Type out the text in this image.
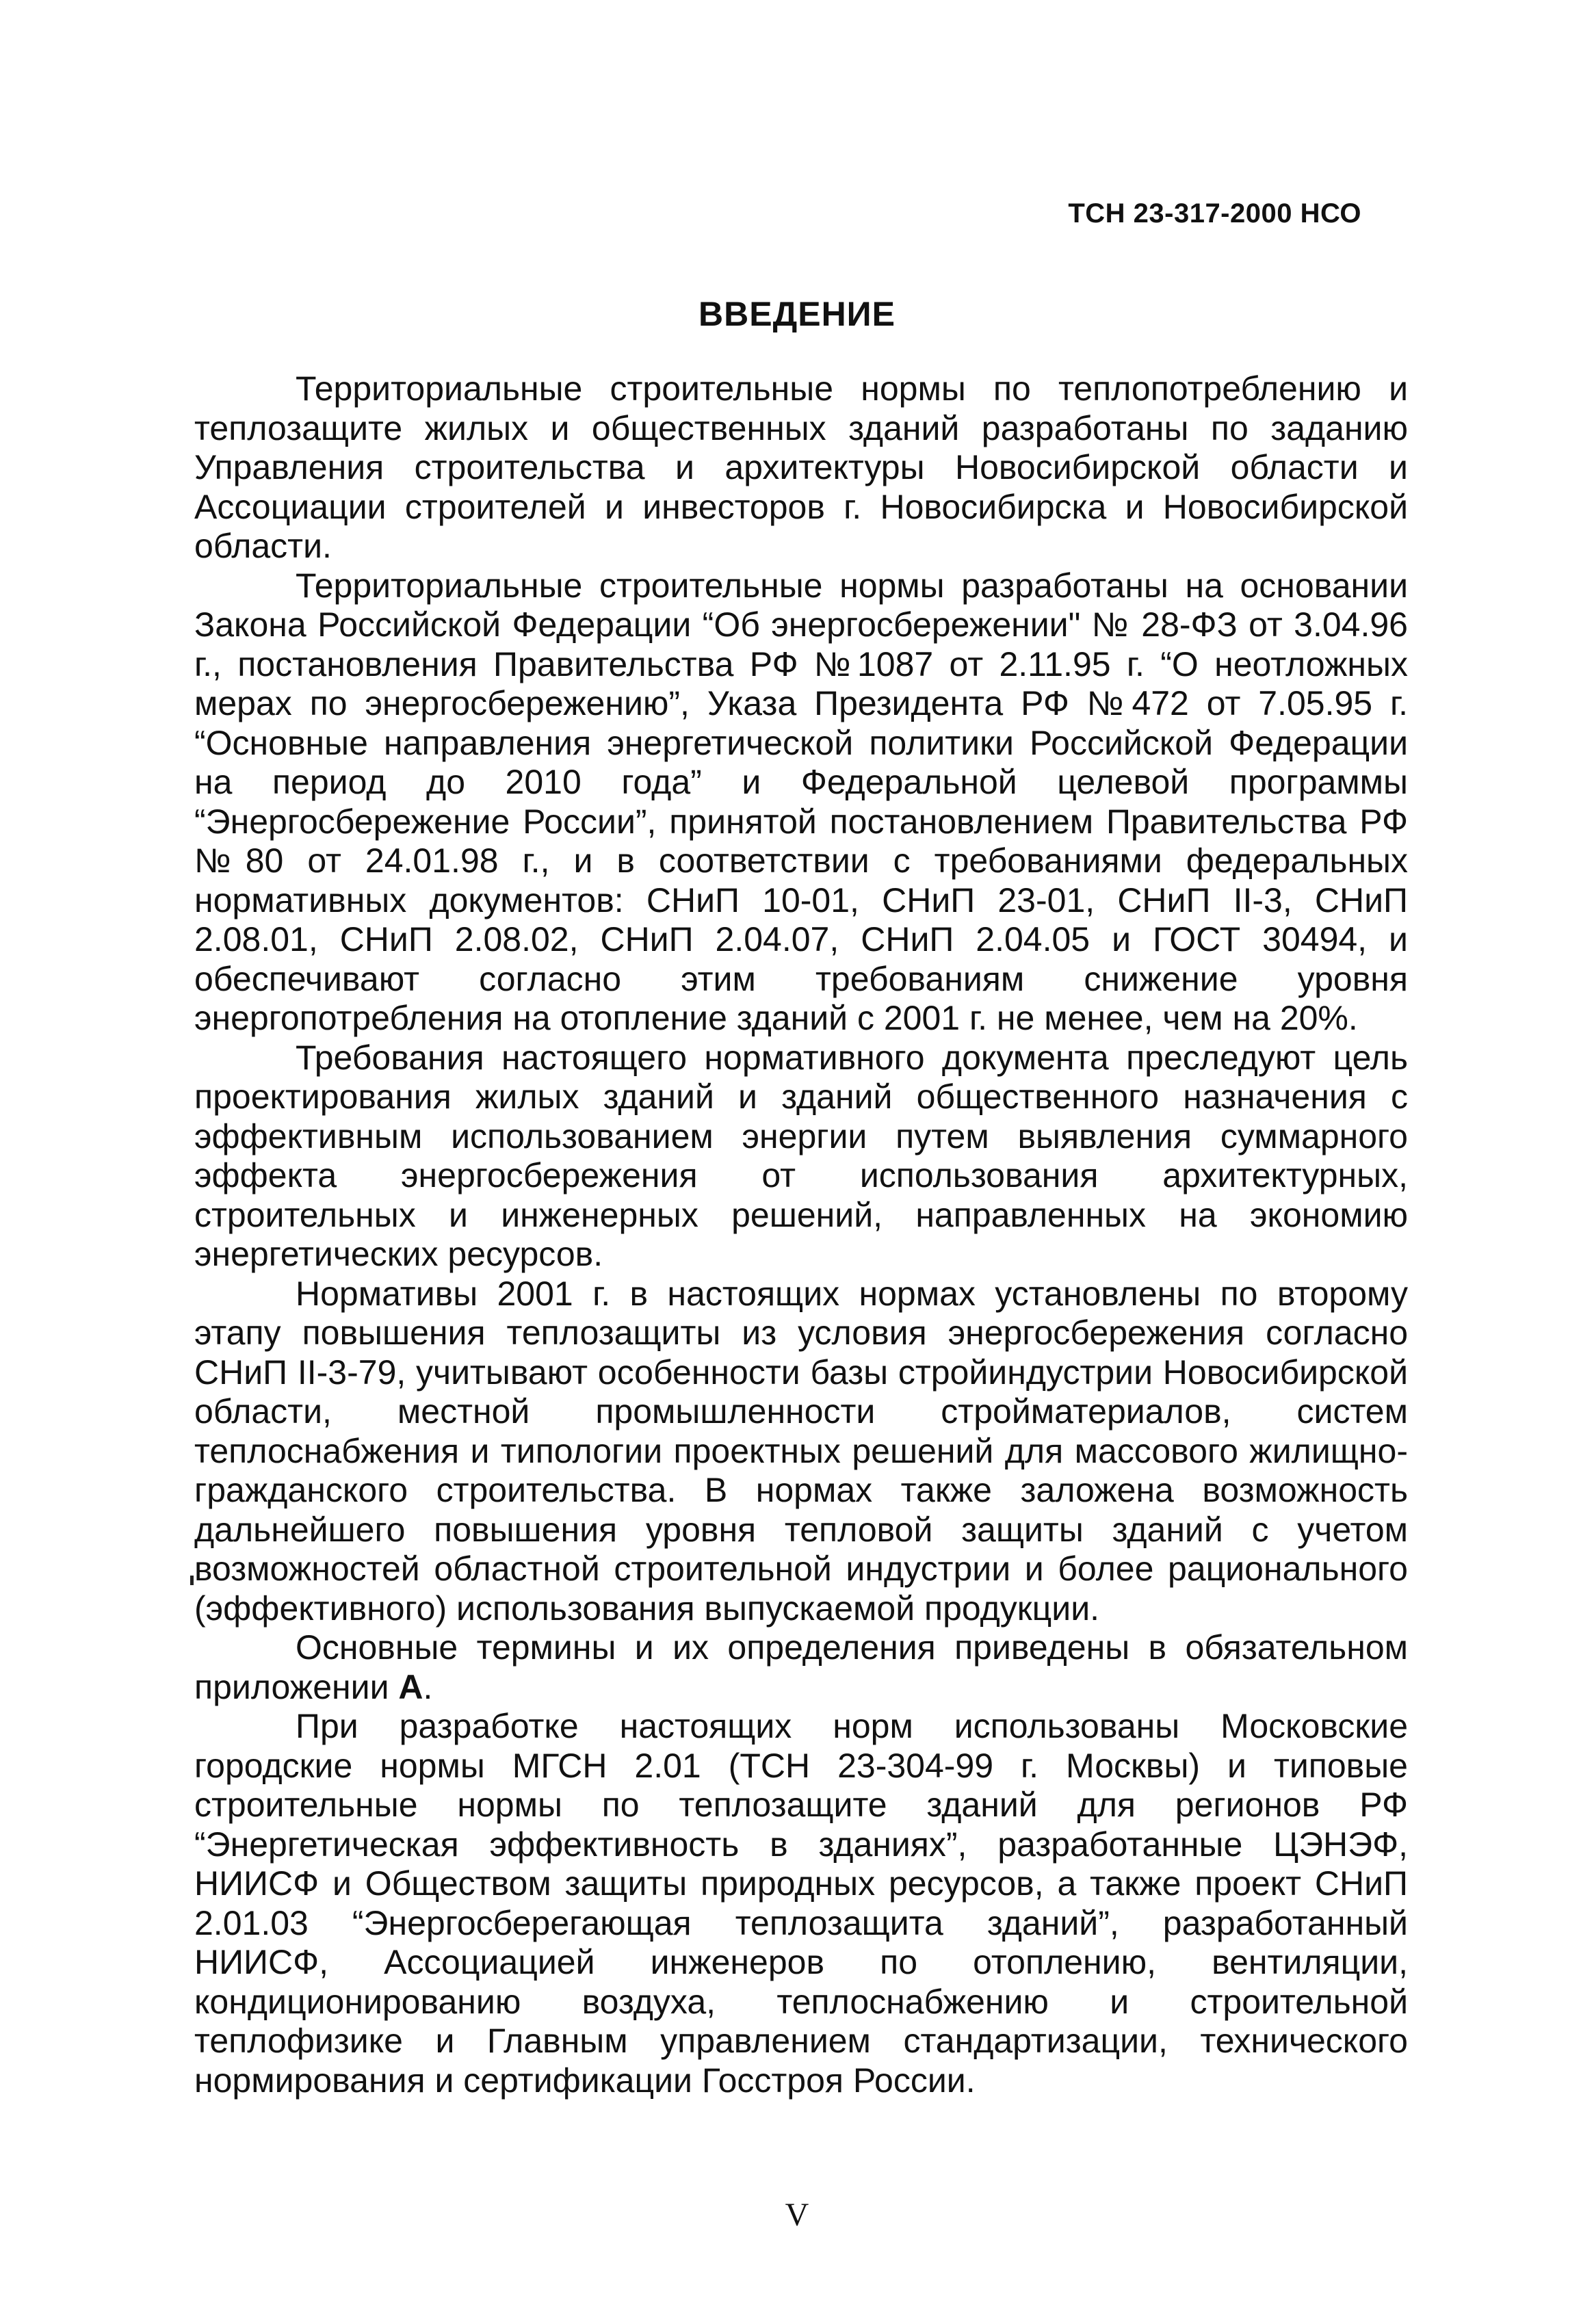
ТСН 23-317-2000 НСО
ВВЕДЕНИЕ

Территориальные строительные нормы по теплопотреблению и теплозащите жилых и общественных зданий разработаны по заданию Управления строительства и архитектуры Новосибирской области и Ассоциации строителей и инвесторов г. Новосибирска и Новосибирской области.

Территориальные строительные нормы разработаны на основании Закона Российской Федерации “Об энергосбережении" № 28-ФЗ от 3.04.96 г., постановления Правительства РФ №1087 от 2.11.95 г. “О неотложных мерах по энергосбережению”, Указа Президента РФ №472 от 7.05.95 г. “Основные направления энергетической политики Российской Федерации на период до 2010 года” и Федеральной целевой программы “Энергосбережение России”, принятой постановлением Правительства РФ №80 от 24.01.98 г., и в соответствии с требованиями федеральных нормативных документов: СНиП 10-01, СНиП 23-01, СНиП II-3, СНиП 2.08.01, СНиП 2.08.02, СНиП 2.04.07, СНиП 2.04.05 и ГОСТ 30494, и обеспечивают согласно этим требованиям снижение уровня энергопотребления на отопление зданий с 2001 г. не менее, чем на 20%.

Требования настоящего нормативного документа преследуют цель проектирования жилых зданий и зданий общественного назначения с эффективным использованием энергии путем выявления суммарного эффекта энергосбережения от использования архитектурных, строительных и инженерных решений, направленных на экономию энергетических ресурсов.

Нормативы 2001 г. в настоящих нормах установлены по второму этапу повышения теплозащиты из условия энергосбережения согласно СНиП II-3-79, учитывают особенности базы стройиндустрии Новосибирской области, местной промышленности стройматериалов, систем теплоснабжения и типологии проектных решений для массового жилищно-гражданского строительства. В нормах также заложена возможность дальнейшего повышения уровня тепловой защиты зданий с учетом возможностей областной строительной индустрии и более рационального (эффективного) использования выпускаемой продукции.

Основные термины и их определения приведены в обязательном приложении А.

При разработке настоящих норм использованы Московские городские нормы МГСН 2.01 (ТСН 23-304-99 г. Москвы) и типовые строительные нормы по теплозащите зданий для регионов РФ “Энергетическая эффективность в зданиях”, разработанные ЦЭНЭФ, НИИСФ и Обществом защиты природных ресурсов, а также проект СНиП 2.01.03 “Энергосберегающая теплозащита зданий”, разработанный НИИСФ, Ассоциацией инженеров по отоплению, вентиляции, кондиционированию воздуха, теплоснабжению и строительной теплофизике и Главным управлением стандартизации, технического нормирования и сертификации Госстроя России.

V
